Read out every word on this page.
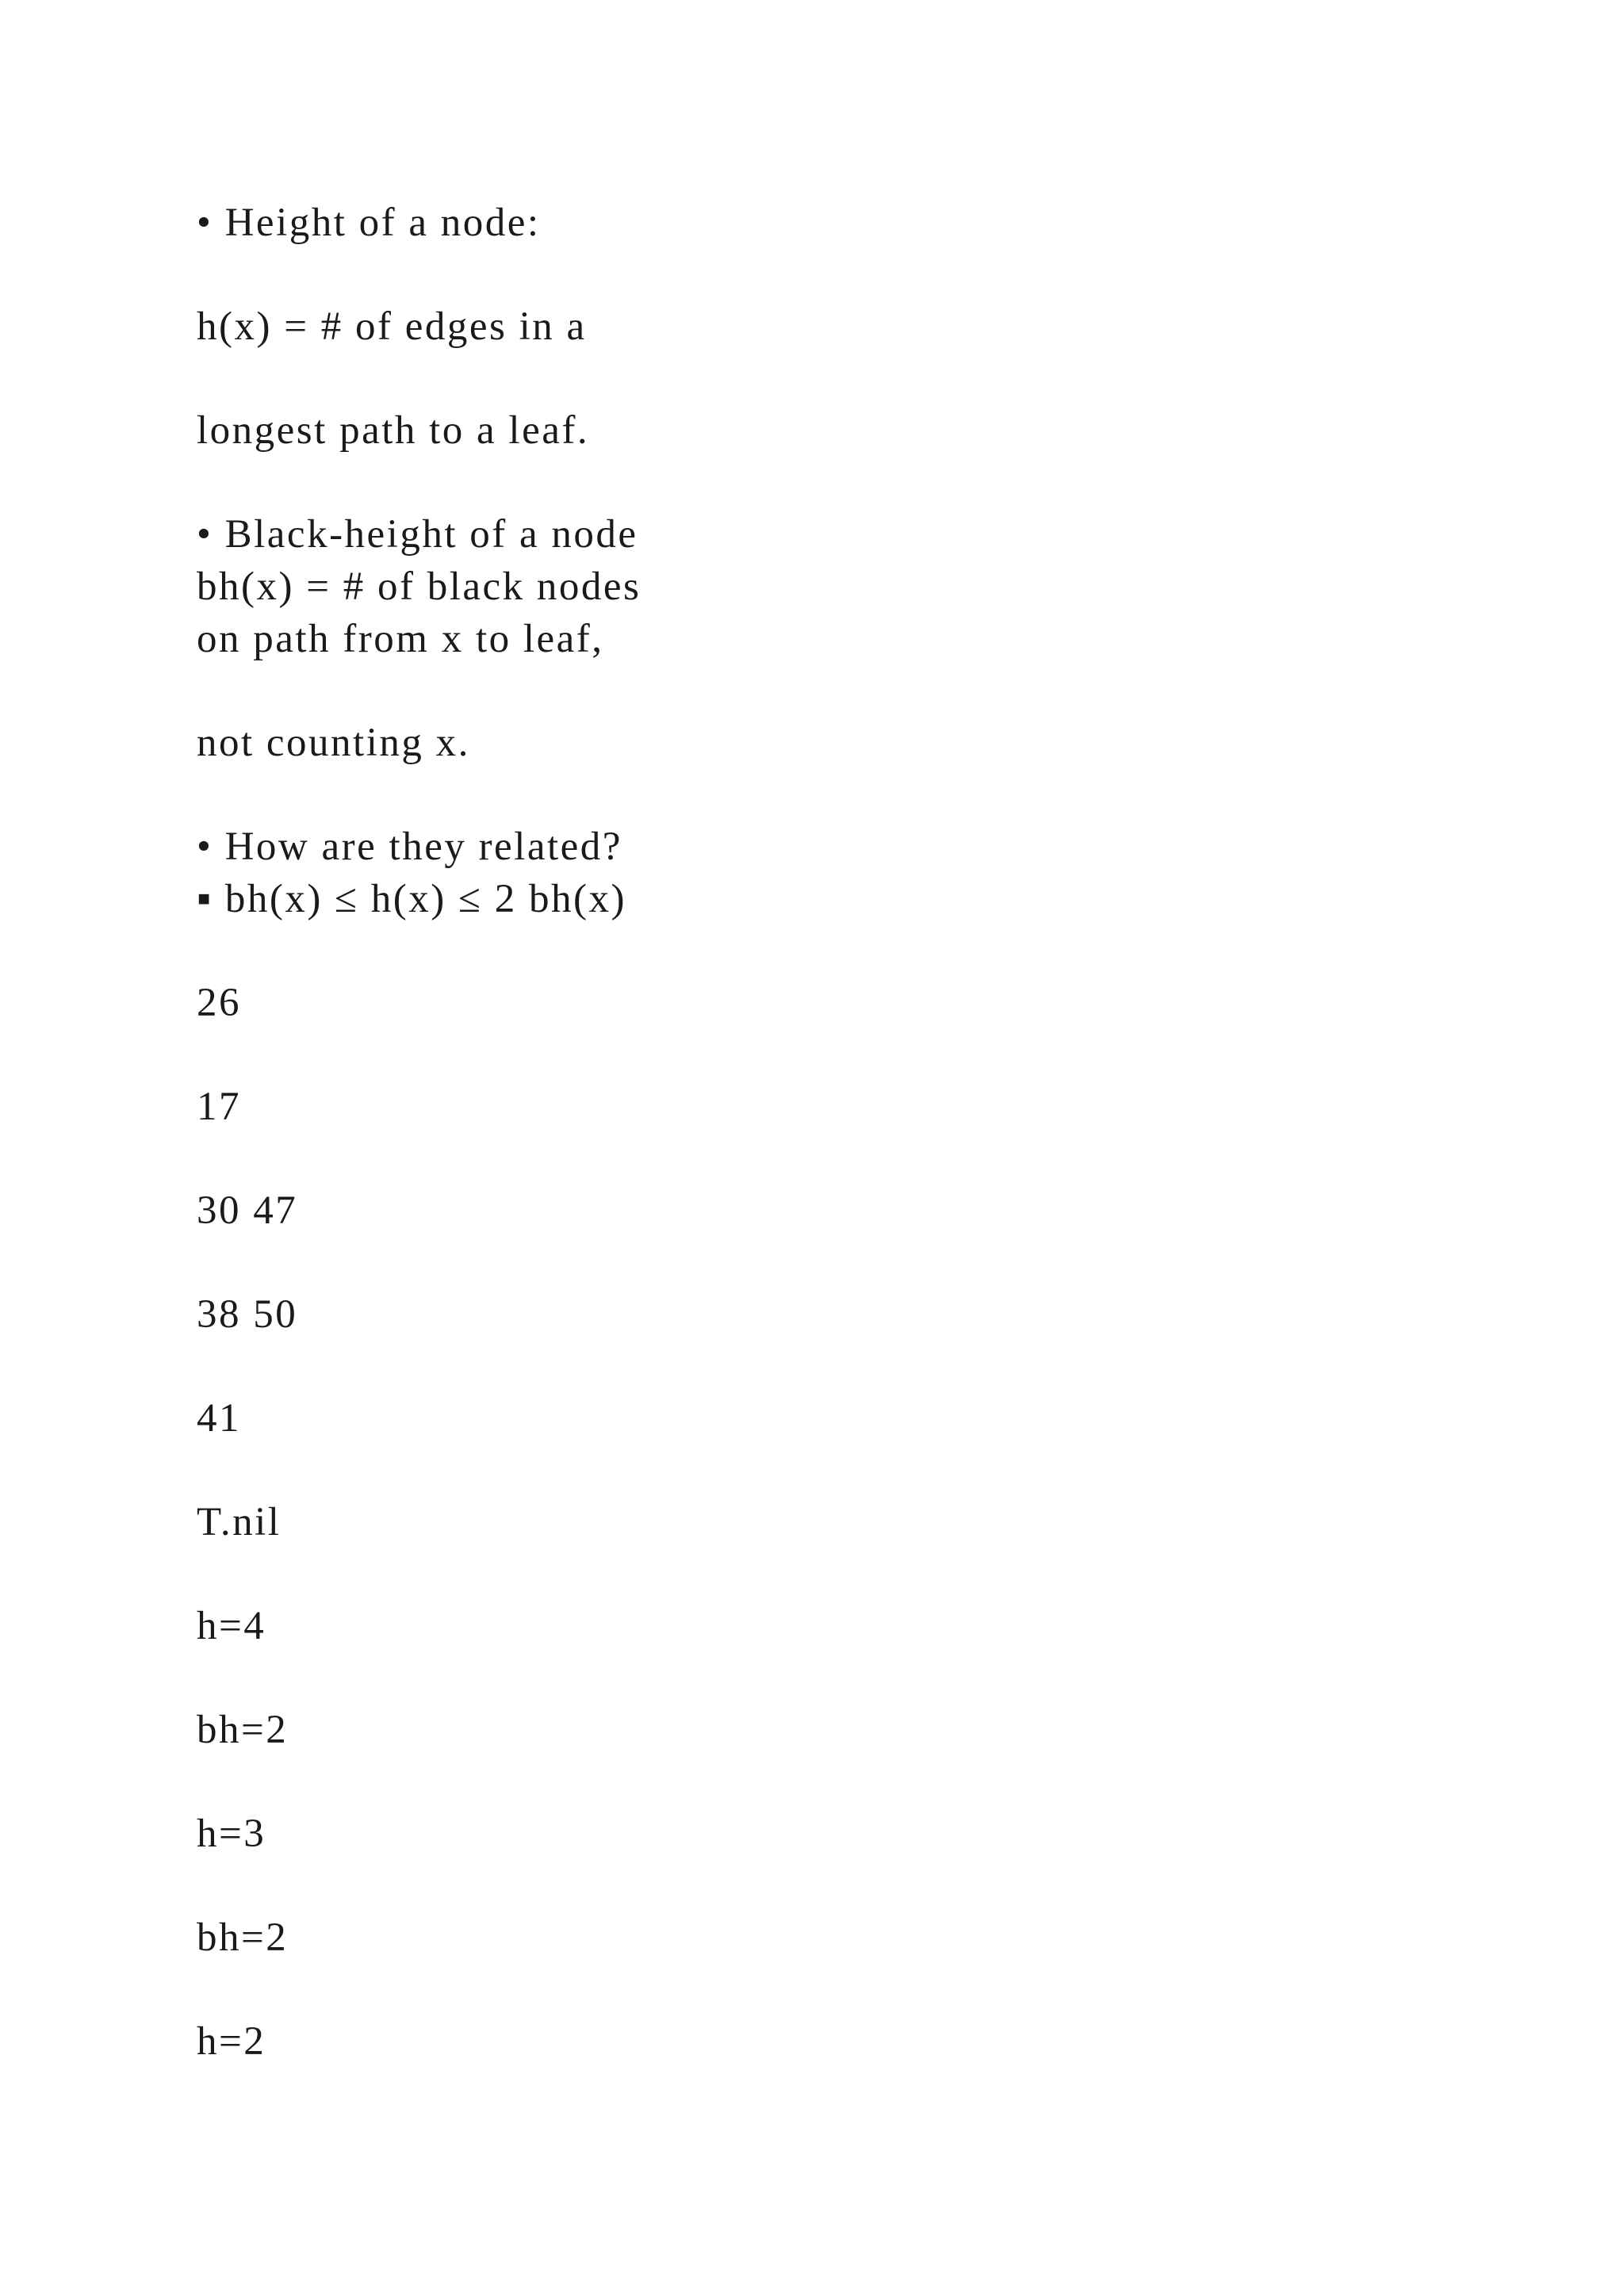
• Height of a node:

h(x) = # of edges in a

longest path to a leaf.

• Black-height of a node

bh(x) = # of black nodes

on path from x to leaf,

not counting x.

• How are they related?

▪ bh(x) ≤ h(x) ≤ 2 bh(x)

26

17

30 47

38 50

41

T.nil

h=4

bh=2

h=3

bh=2

h=2
